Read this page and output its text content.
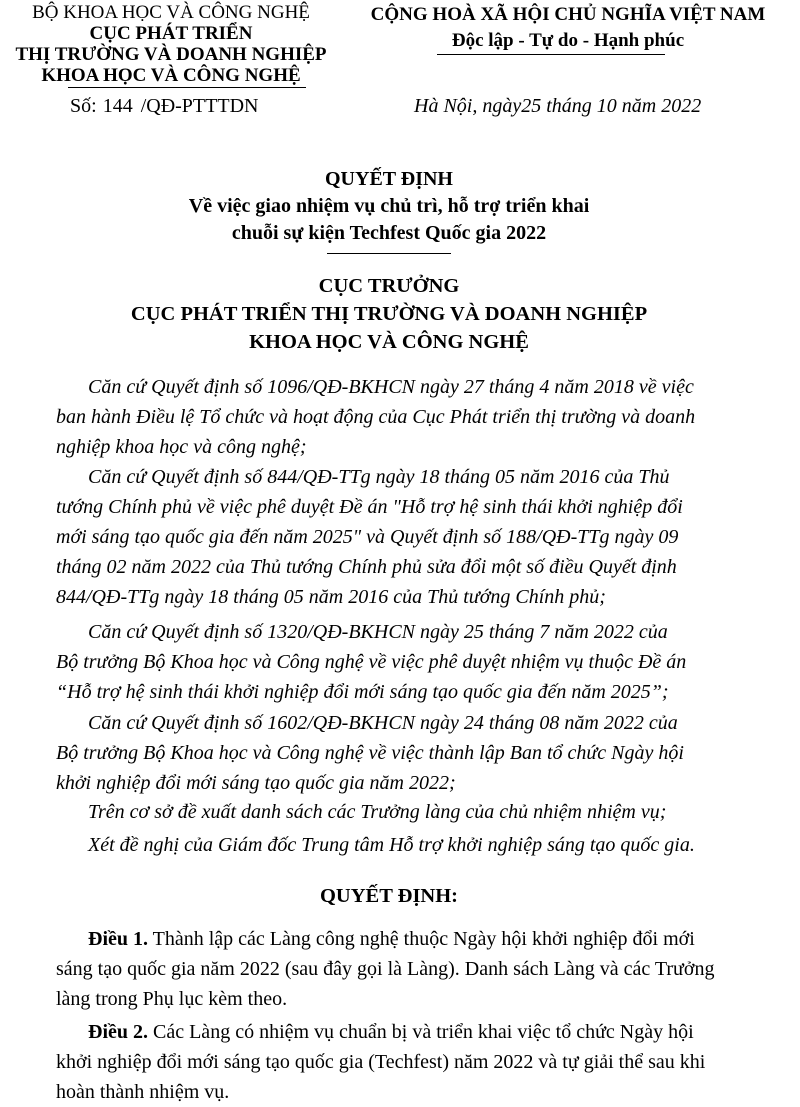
BỘ KHOA HỌC VÀ CÔNG NGHỆ
CỤC PHÁT TRIỂN
THỊ TRƯỜNG VÀ DOANH NGHIỆP
KHOA HỌC VÀ CÔNG NGHỆ
CỘNG HOÀ XÃ HỘI CHỦ NGHĨA VIỆT NAM
Độc lập - Tự do - Hạnh phúc
Số: 144 /QĐ-PTTTDN	Hà Nội, ngày25 tháng 10 năm 2022
QUYẾT ĐỊNH
Về việc giao nhiệm vụ chủ trì, hỗ trợ triển khai
chuỗi sự kiện Techfest Quốc gia 2022
CỤC TRƯỞNG
CỤC PHÁT TRIỂN THỊ TRƯỜNG VÀ DOANH NGHIỆP
KHOA HỌC VÀ CÔNG NGHỆ
Căn cứ Quyết định số 1096/QĐ-BKHCN ngày 27 tháng 4 năm 2018 về việc
ban hành Điều lệ Tổ chức và hoạt động của Cục Phát triển thị trường và doanh
nghiệp khoa học và công nghệ;
Căn cứ Quyết định số 844/QĐ-TTg ngày 18 tháng 05 năm 2016 của Thủ
tướng Chính phủ về việc phê duyệt Đề án "Hỗ trợ hệ sinh thái khởi nghiệp đổi
mới sáng tạo quốc gia đến năm 2025" và Quyết định số 188/QĐ-TTg ngày 09
tháng 02 năm 2022 của Thủ tướng Chính phủ sửa đổi một số điều Quyết định
844/QĐ-TTg ngày 18 tháng 05 năm 2016 của Thủ tướng Chính phủ;
Căn cứ Quyết định số 1320/QĐ-BKHCN ngày 25 tháng 7 năm 2022 của
Bộ trưởng Bộ Khoa học và Công nghệ về việc phê duyệt nhiệm vụ thuộc Đề án
“Hỗ trợ hệ sinh thái khởi nghiệp đổi mới sáng tạo quốc gia đến năm 2025”;
Căn cứ Quyết định số 1602/QĐ-BKHCN ngày 24 tháng 08 năm 2022 của
Bộ trưởng Bộ Khoa học và Công nghệ về việc thành lập Ban tổ chức Ngày hội
khởi nghiệp đổi mới sáng tạo quốc gia năm 2022;
Trên cơ sở đề xuất danh sách các Trưởng làng của chủ nhiệm nhiệm vụ;
Xét đề nghị của Giám đốc Trung tâm Hỗ trợ khởi nghiệp sáng tạo quốc gia.
QUYẾT ĐỊNH:
Điều 1. Thành lập các Làng công nghệ thuộc Ngày hội khởi nghiệp đổi mới
sáng tạo quốc gia năm 2022 (sau đây gọi là Làng). Danh sách Làng và các Trưởng
làng trong Phụ lục kèm theo.
Điều 2. Các Làng có nhiệm vụ chuẩn bị và triển khai việc tổ chức Ngày hội
khởi nghiệp đổi mới sáng tạo quốc gia (Techfest) năm 2022 và tự giải thể sau khi
hoàn thành nhiệm vụ.
